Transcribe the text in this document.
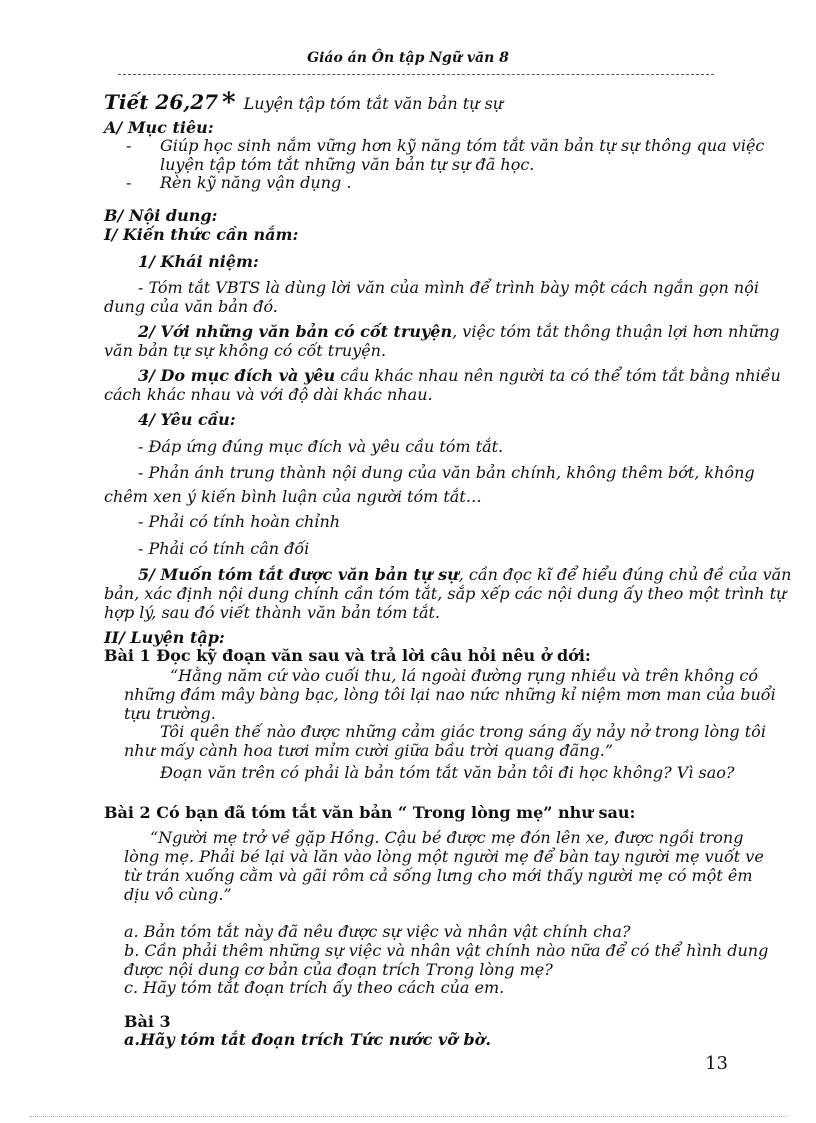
Giáo án Ôn tập Ngữ văn 8
Tiết 26,27 * Luyện tập tóm tắt văn bản tự sự
A/ Mục tiêu:
- Giúp học sinh nắm vững hơn kỹ năng tóm tắt văn bản tự sự thông qua việc
luyện tập tóm tắt những văn bản tự sự đã học.
- Rèn kỹ năng vận dụng .
B/ Nội dung:
I/ Kiến thức cần nắm:
1/ Khái niệm:
- Tóm tắt VBTS là dùng lời văn của mình để trình bày một cách ngắn gọn nội
dung của văn bản đó.
2/ Với những văn bản có cốt truyện, việc tóm tắt thông thuận lợi hơn những
văn bản tự sự không có cốt truyện.
3/ Do mục đích và yêu cầu khác nhau nên người ta có thể tóm tắt bằng nhiều
cách khác nhau và với độ dài khác nhau.
4/ Yêu cầu:
- Đáp ứng đúng mục đích và yêu cầu tóm tắt.
- Phản ánh trung thành nội dung của văn bản chính, không thêm bớt, không
chêm xen ý kiến bình luận của người tóm tắt…
- Phải có tính hoàn chỉnh
- Phải có tính cân đối
5/ Muốn tóm tắt được văn bản tự sự, cần đọc kĩ để hiểu đúng chủ đề của văn
bản, xác định nội dung chính cần tóm tắt, sắp xếp các nội dung ấy theo một trình tự
hợp lý, sau đó viết thành văn bản tóm tắt.
II/ Luyện tập:
Bài 1 Đọc kỹ đoạn văn sau và trả lời câu hỏi nêu ở dới:
“Hằng năm cứ vào cuối thu, lá ngoài đường rụng nhiều và trên không có
những đám mây bàng bạc, lòng tôi lại nao nức những kỉ niệm mơn man của buổi
tựu trường.
Tôi quên thế nào được những cảm giác trong sáng ấy nảy nở trong lòng tôi
như mấy cành hoa tươi mỉm cười giữa bầu trời quang đãng.”
Đoạn văn trên có phải là bản tóm tắt văn bản tôi đi học không? Vì sao?
Bài 2 Có bạn đã tóm tắt văn bản “ Trong lòng mẹ” như sau:
“Người mẹ trở về gặp Hồng. Cậu bé được mẹ đón lên xe, được ngồi trong
lòng mẹ. Phải bé lại và lăn vào lòng một người mẹ để bàn tay người mẹ vuốt ve
từ trán xuống cằm và gãi rôm cả sống lưng cho mới thấy người mẹ có một êm
dịu vô cùng.”
a. Bản tóm tắt này đã nêu được sự việc và nhân vật chính cha?
b. Cần phải thêm những sự việc và nhân vật chính nào nữa để có thể hình dung
được nội dung cơ bản của đoạn trích Trong lòng mẹ?
c. Hãy tóm tắt đoạn trích ấy theo cách của em.
Bài 3
a.Hãy tóm tắt đoạn trích Tức nước vỡ bờ.
13
